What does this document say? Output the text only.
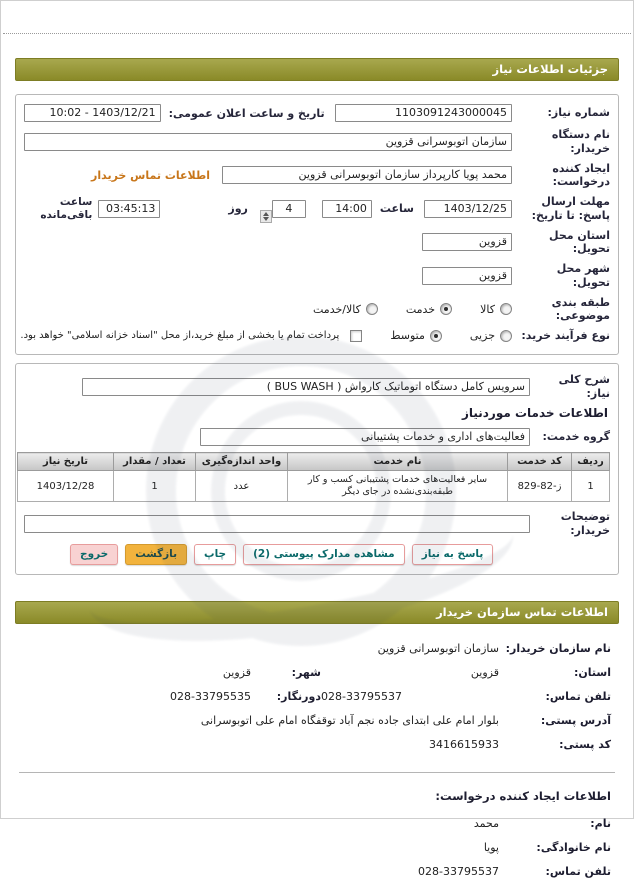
جزئیات اطلاعات نیاز
شماره نیاز:
1103091243000045
تاریخ و ساعت اعلان عمومی:
1403/12/21 - 10:02
نام دستگاه خریدار:
سازمان اتوبوسرانی قزوین
ایجاد کننده درخواست:
محمد پویا کارپرداز سازمان اتوبوسرانی قزوین
اطلاعات تماس خریدار
مهلت ارسال پاسخ: تا تاریخ:
1403/12/25
ساعت
14:00
4
روز
03:45:13
ساعت باقی‌مانده
استان محل تحویل:
قزوین
شهر محل تحویل:
قزوین
طبقه بندی موضوعی:
کالا
خدمت
کالا/خدمت
نوع فرآیند خرید:
جزیی
متوسط
پرداخت تمام یا بخشی از مبلغ خرید،از محل "اسناد خزانه اسلامی" خواهد بود.
شرح کلی نیاز:
سرویس کامل دستگاه اتوماتیک کارواش ( BUS WASH )
اطلاعات خدمات موردنیاز
گروه خدمت:
فعالیت‌های اداری و خدمات پشتیبانی
ردیف	کد خدمت	نام خدمت	واحد اندازه‌گیری	تعداد / مقدار	تاریخ نیاز
1	ز-82-829	سایر فعالیت‌های خدمات پشتیبانی کسب و کار طبقه‌بندی‌نشده در جای دیگر	عدد	1	1403/12/28
توضیحات خریدار:
پاسخ به نیاز
مشاهده مدارک پیوستی (2)
چاپ
بازگشت
خروج
اطلاعات تماس سازمان خریدار
نام سازمان خریدار:
سازمان اتوبوسرانی قزوین
استان:
قزوین
شهر:
قزوین
تلفن تماس:
028-33795537
دورنگار:
028-33795535
آدرس پستی:
بلوار امام علی ابتدای جاده نجم آباد توقفگاه امام علی اتوبوسرانی
کد پستی:
3416615933
اطلاعات ایجاد کننده درخواست:
نام:
محمد
نام خانوادگی:
پویا
تلفن تماس:
028-33795537
